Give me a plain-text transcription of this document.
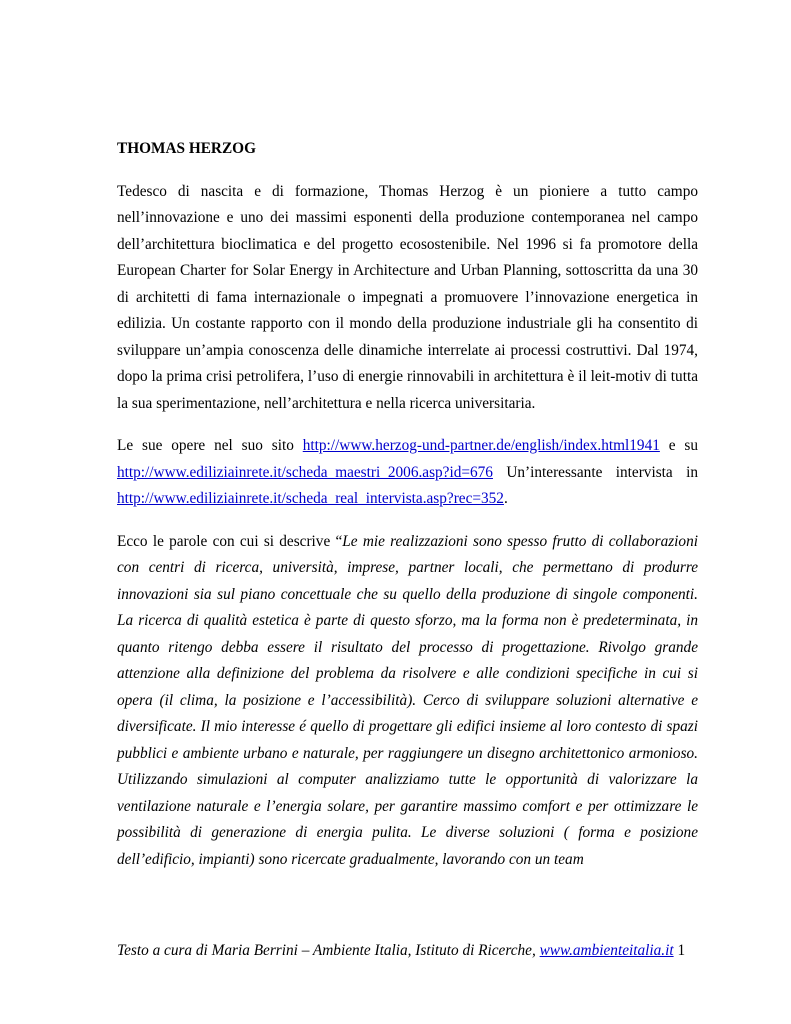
THOMAS HERZOG

Tedesco di nascita e di formazione, Thomas Herzog è un pioniere a tutto campo nell’innovazione e uno dei massimi esponenti della produzione contemporanea nel campo dell’architettura bioclimatica e del progetto ecosostenibile. Nel 1996 si fa promotore della European Charter for Solar Energy in Architecture and Urban Planning, sottoscritta da una 30 di architetti di fama internazionale o impegnati a promuovere l’innovazione energetica in edilizia. Un costante rapporto con il mondo della produzione industriale gli ha consentito di sviluppare un’ampia conoscenza delle dinamiche interrelate ai processi costruttivi. Dal 1974, dopo la prima crisi petrolifera, l’uso di energie rinnovabili in architettura è il leit-motiv di tutta la sua sperimentazione, nell’architettura e nella ricerca universitaria.

Le sue opere nel suo sito http://www.herzog-und-partner.de/english/index.html1941 e su http://www.ediliziainrete.it/scheda_maestri_2006.asp?id=676 Un’interessante intervista in http://www.ediliziainrete.it/scheda_real_intervista.asp?rec=352.

Ecco le parole con cui si descrive “Le mie realizzazioni sono spesso frutto di collaborazioni con centri di ricerca, università, imprese, partner locali, che permettano di produrre innovazioni sia sul piano concettuale che su quello della produzione di singole componenti. La ricerca di qualità estetica è parte di questo sforzo, ma la forma non è predeterminata, in quanto ritengo debba essere il risultato del processo di progettazione. Rivolgo grande attenzione alla definizione del problema da risolvere e alle condizioni specifiche in cui si opera (il clima, la posizione e l’accessibilità). Cerco di sviluppare soluzioni alternative e diversificate. Il mio interesse é quello di progettare gli edifici insieme al loro contesto di spazi pubblici e ambiente urbano e naturale, per raggiungere un disegno architettonico armonioso. Utilizzando simulazioni al computer analizziamo tutte le opportunità di valorizzare la ventilazione naturale e l’energia solare, per garantire massimo comfort e per ottimizzare le possibilità di generazione di energia pulita. Le diverse soluzioni ( forma e posizione dell’edificio, impianti) sono ricercate gradualmente, lavorando con un team

Testo a cura di Maria Berrini – Ambiente Italia, Istituto di Ricerche, www.ambienteitalia.it 1
